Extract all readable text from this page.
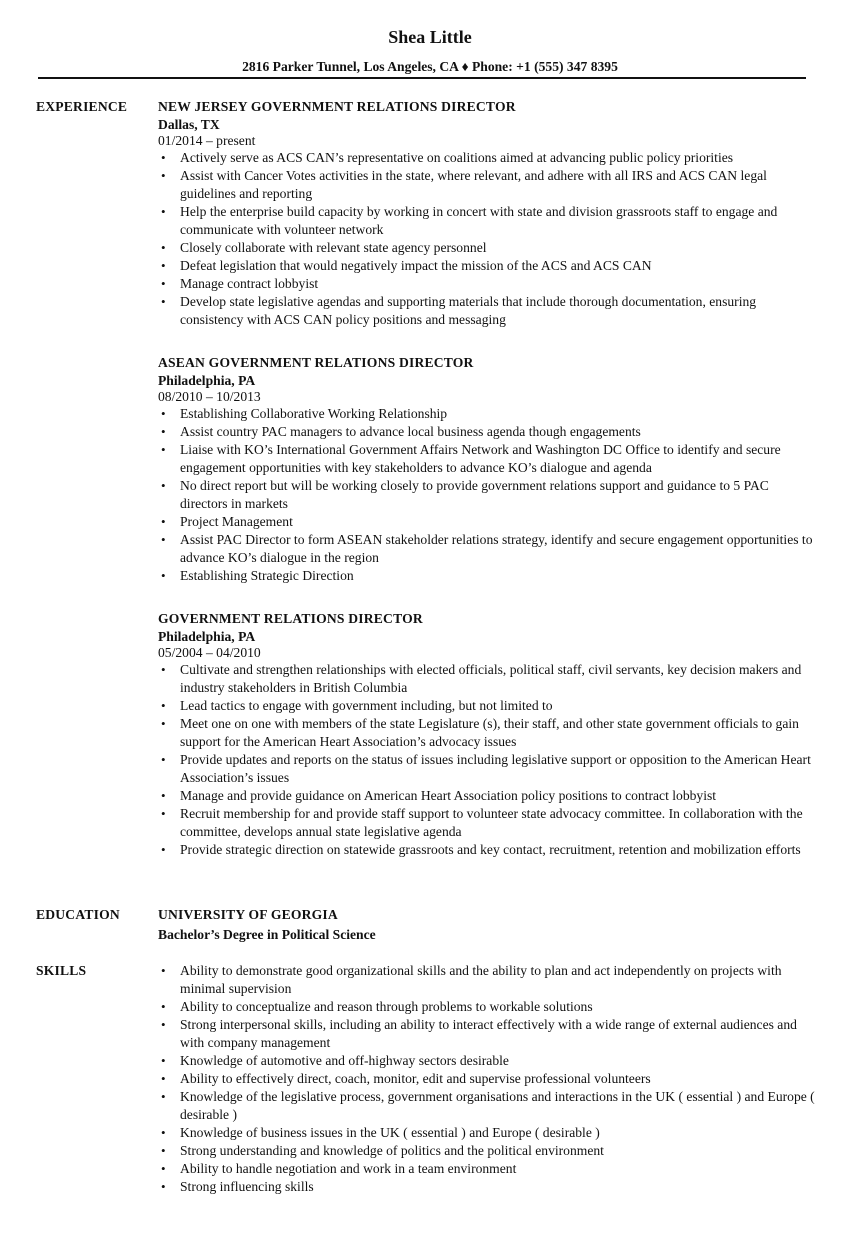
Shea Little
2816 Parker Tunnel, Los Angeles, CA ♦ Phone: +1 (555) 347 8395
EXPERIENCE NEW JERSEY GOVERNMENT RELATIONS DIRECTOR
Dallas, TX
01/2014 – present
• Actively serve as ACS CAN’s representative on coalitions aimed at advancing public policy priorities
• Assist with Cancer Votes activities in the state, where relevant, and adhere with all IRS and ACS CAN legal guidelines and reporting
• Help the enterprise build capacity by working in concert with state and division grassroots staff to engage and communicate with volunteer network
• Closely collaborate with relevant state agency personnel
• Defeat legislation that would negatively impact the mission of the ACS and ACS CAN
• Manage contract lobbyist
• Develop state legislative agendas and supporting materials that include thorough documentation, ensuring consistency with ACS CAN policy positions and messaging
ASEAN GOVERNMENT RELATIONS DIRECTOR
Philadelphia, PA
08/2010 – 10/2013
• Establishing Collaborative Working Relationship
• Assist country PAC managers to advance local business agenda though engagements
• Liaise with KO’s International Government Affairs Network and Washington DC Office to identify and secure engagement opportunities with key stakeholders to advance KO’s dialogue and agenda
• No direct report but will be working closely to provide government relations support and guidance to 5 PAC directors in markets
• Project Management
• Assist PAC Director to form ASEAN stakeholder relations strategy, identify and secure engagement opportunities to advance KO’s dialogue in the region
• Establishing Strategic Direction
GOVERNMENT RELATIONS DIRECTOR
Philadelphia, PA
05/2004 – 04/2010
• Cultivate and strengthen relationships with elected officials, political staff, civil servants, key decision makers and industry stakeholders in British Columbia
• Lead tactics to engage with government including, but not limited to
• Meet one on one with members of the state Legislature (s), their staff, and other state government officials to gain support for the American Heart Association’s advocacy issues
• Provide updates and reports on the status of issues including legislative support or opposition to the American Heart Association’s issues
• Manage and provide guidance on American Heart Association policy positions to contract lobbyist
• Recruit membership for and provide staff support to volunteer state advocacy committee. In collaboration with the committee, develops annual state legislative agenda
• Provide strategic direction on statewide grassroots and key contact, recruitment, retention and mobilization efforts
EDUCATION	UNIVERSITY OF GEORGIA
Bachelor’s Degree in Political Science
SKILLS
•	Ability to demonstrate good organizational skills and the ability to plan and act independently on projects with minimal supervision
• Ability to conceptualize and reason through problems to workable solutions
• Strong interpersonal skills, including an ability to interact effectively with a wide range of external audiences and with company management
• Knowledge of automotive and off-highway sectors desirable
• Ability to effectively direct, coach, monitor, edit and supervise professional volunteers
• Knowledge of the legislative process, government organisations and interactions in the UK ( essential ) and Europe ( desirable )
• Knowledge of business issues in the UK ( essential ) and Europe ( desirable )
• Strong understanding and knowledge of politics and the political environment
• Ability to handle negotiation and work in a team environment
• Strong influencing skills
